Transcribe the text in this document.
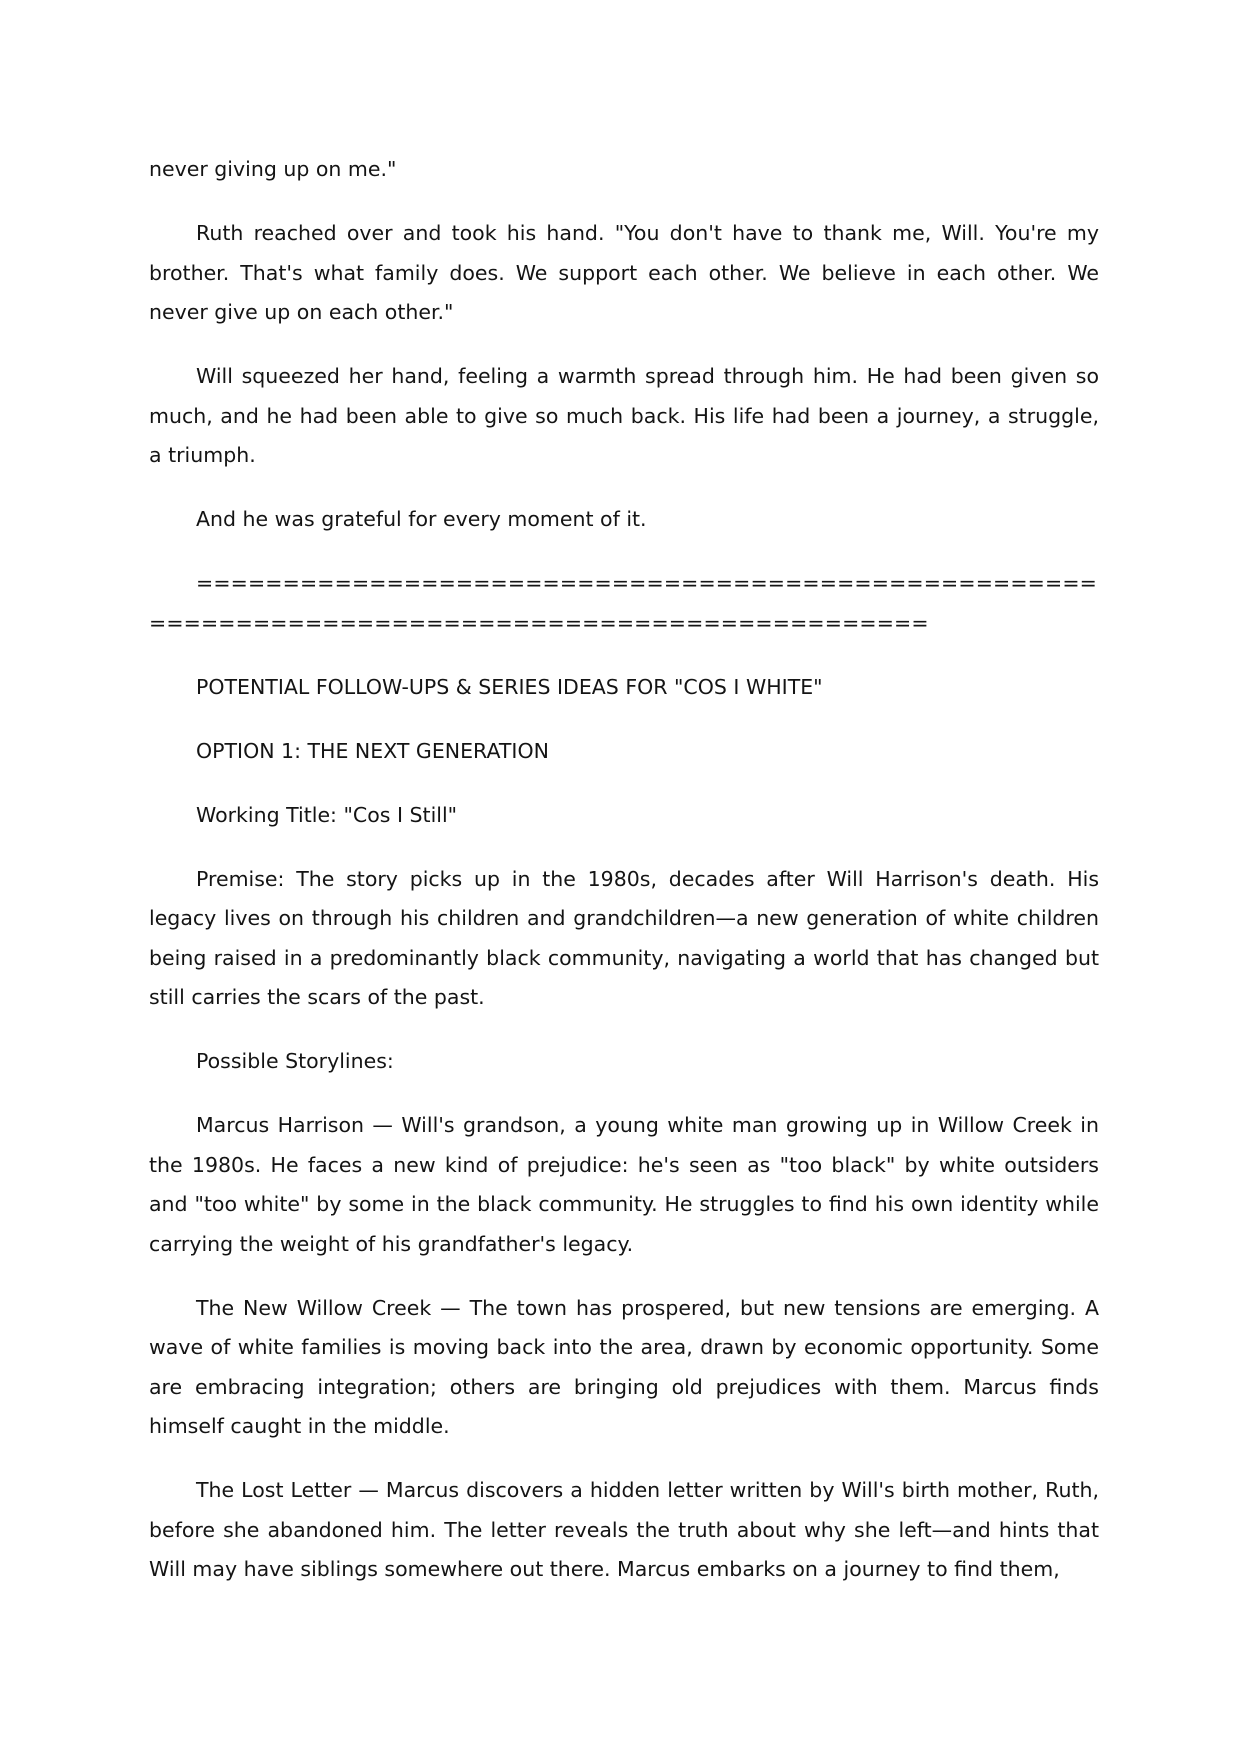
never giving up on me."

Ruth reached over and took his hand. "You don't have to thank me, Will. You're my brother. That's what family does. We support each other. We believe in each other. We never give up on each other."

Will squeezed her hand, feeling a warmth spread through him. He had been given so much, and he had been able to give so much back. His life had been a journey, a struggle, a triumph.

And he was grateful for every moment of it.

=================================================================================================

POTENTIAL FOLLOW-UPS & SERIES IDEAS FOR "COS I WHITE"

OPTION 1: THE NEXT GENERATION

Working Title: "Cos I Still"

Premise: The story picks up in the 1980s, decades after Will Harrison's death. His legacy lives on through his children and grandchildren—a new generation of white children being raised in a predominantly black community, navigating a world that has changed but still carries the scars of the past.

Possible Storylines:

Marcus Harrison — Will's grandson, a young white man growing up in Willow Creek in the 1980s. He faces a new kind of prejudice: he's seen as "too black" by white outsiders and "too white" by some in the black community. He struggles to find his own identity while carrying the weight of his grandfather's legacy.

The New Willow Creek — The town has prospered, but new tensions are emerging. A wave of white families is moving back into the area, drawn by economic opportunity. Some are embracing integration; others are bringing old prejudices with them. Marcus finds himself caught in the middle.

The Lost Letter — Marcus discovers a hidden letter written by Will's birth mother, Ruth, before she abandoned him. The letter reveals the truth about why she left—and hints that Will may have siblings somewhere out there. Marcus embarks on a journey to find them,
